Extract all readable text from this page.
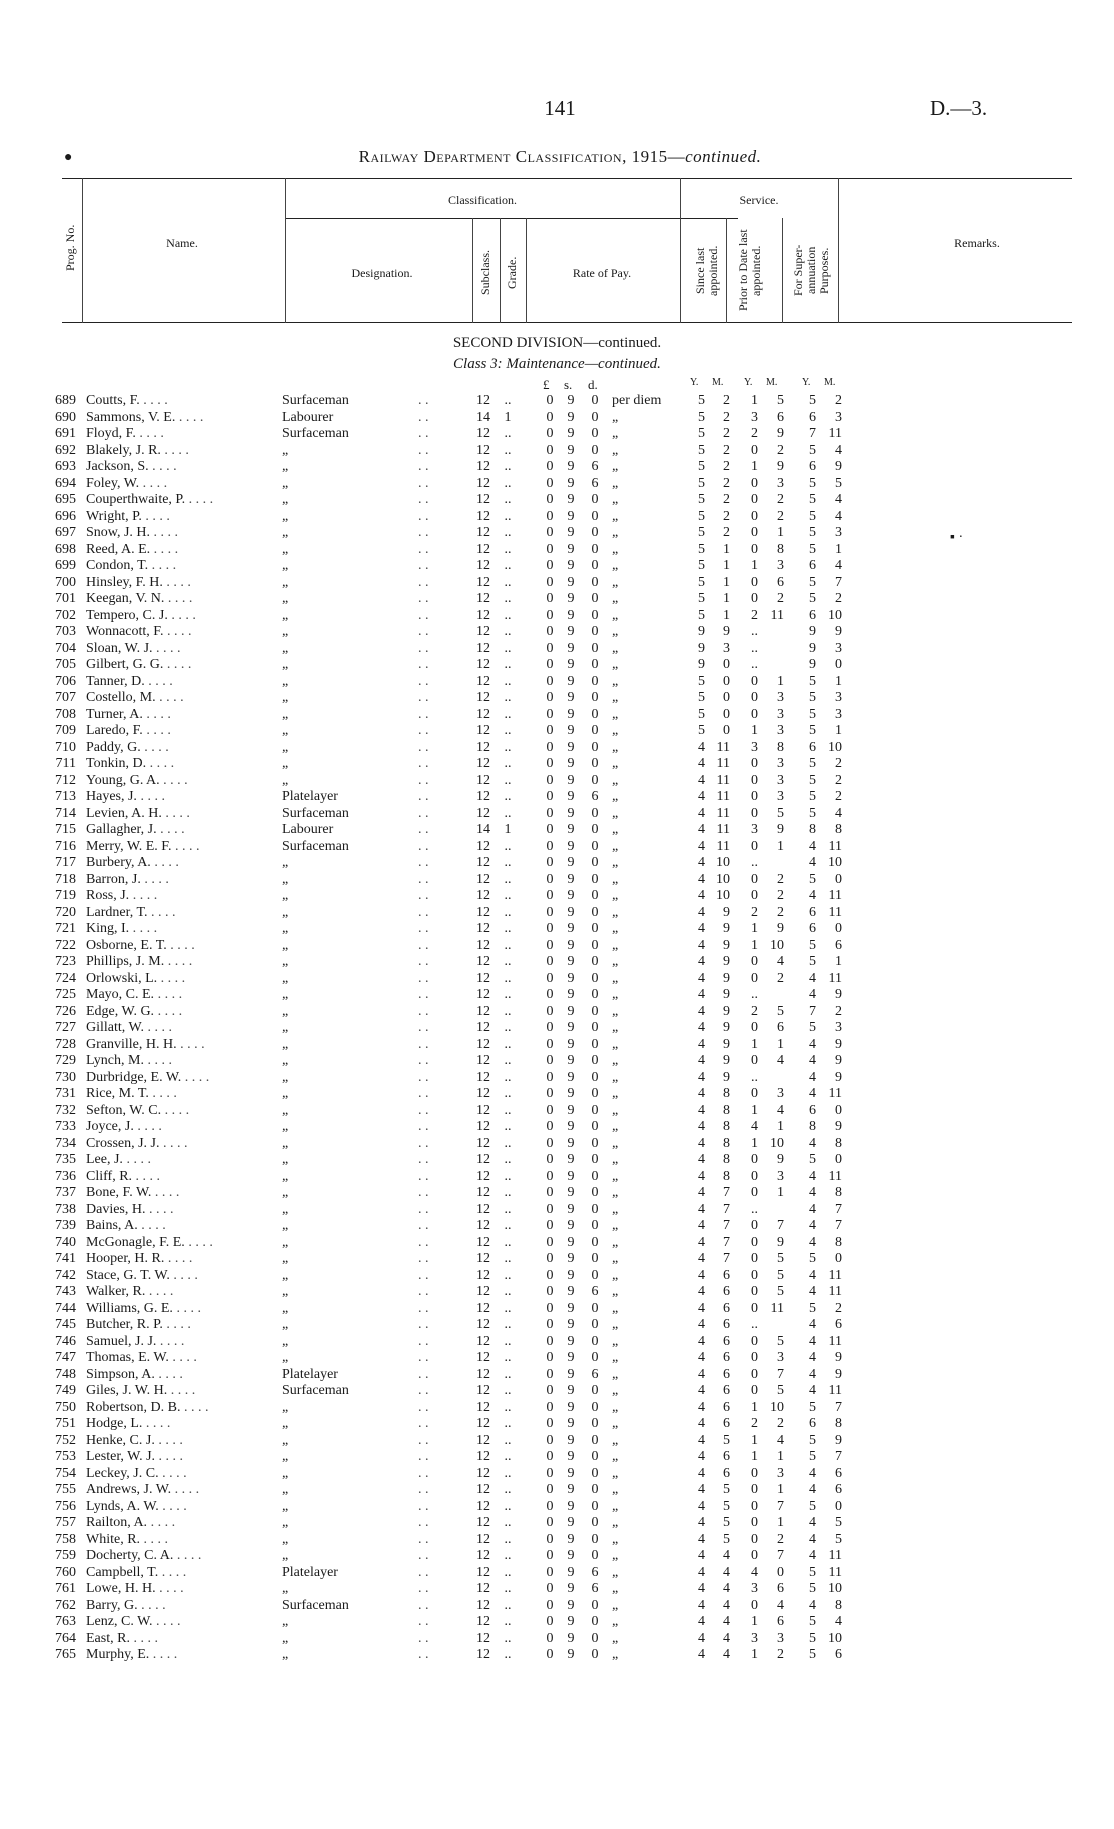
141	D.—3.
●	Railway Department Classification, 1915—continued.
▪ ·
Prog. No.	Name.
Classification.
Designation.	Subclass. Grade.	Rate of Pay.
Service.
Since last appointed. Prior to Date last appointed.	For Super-annuation Purposes.
Remarks.
SECOND DIVISION—continued.
Class 3: Maintenance—continued.
£ s. d.	Y. M. Y. M. Y. M.
689 Coutts, F. . .	Surfaceman	. .	12	..	0 9 0 per diem	5	2	1	5	5	2
690 Sammons, V. E. . .	Labourer	. .	14	1	0 9 0 „	5	2	3	6	6	3
691 Floyd, F. . .	Surfaceman	. .	12	..	0 9 0 „	5	2	2	9	7 11
692 Blakely, J. R. . .	„	. .	12	..	0 9 0 „	5	2	0	2	5	4
693 Jackson, S. . .	„	. .	12	..	0 9 6 „	5	2	1	9	6	9
694 Foley, W. . .	„	. .	12	..	0 9 6 „	5	2	0	3	5	5
695 Couperthwaite, P. . .	„	. .	12	..	0 9 0 „	5	2	0	2	5	4
696 Wright, P. . .	„	. .	12	..	0 9 0 „	5	2	0	2	5	4
697 Snow, J. H. . .	„	. .	12	..	0 9 0 „	5	2	0	1	5	3
698 Reed, A. E. . .	„	. .	12	..	0 9 0 „	5	1	0	8	5	1
699 Condon, T. . .	„	. .	12	..	0 9 0 „	5	1	1	3	6	4
700 Hinsley, F. H. . .	„	. .	12	..	0 9 0 „	5	1	0	6	5	7
701 Keegan, V. N. . .	„	. .	12	..	0 9 0 „	5	1	0	2	5	2
702 Tempero, C. J. . .	„	. .	12	..	0 9 0 „	5	1	2 11	6 10
703 Wonnacott, F. . .	„	. .	12	..	0 9 0 „	9	9	..	9	9
704 Sloan, W. J. . .	„	. .	12	..	0 9 0 „	9	3	..	9	3
705 Gilbert, G. G. . .	„	. .	12	..	0 9 0 „	9	0	..	9	0
706 Tanner, D. . .	„	. .	12	..	0 9 0 „	5	0	0	1	5	1
707 Costello, M. . .	„	. .	12	..	0 9 0 „	5	0	0	3	5	3
708 Turner, A. . .	„	. .	12	..	0 9 0 „	5	0	0	3	5	3
709 Laredo, F. . .	„	. .	12	..	0 9 0 „	5	0	1	3	5	1
710 Paddy, G. . .	„	. .	12	..	0 9 0 „	4 11	3	8	6 10
711 Tonkin, D. . .	„	. .	12	..	0 9 0 „	4 11	0	3	5	2
712 Young, G. A. . .	„	. .	12	..	0 9 0 „	4 11	0	3	5	2
713 Hayes, J. . .	Platelayer	. .	12	..	0 9 6 „	4 11	0	3	5	2
714 Levien, A. H. . .	Surfaceman	. .	12	..	0 9 0 „	4 11	0	5	5	4
715 Gallagher, J. . .	Labourer	. .	14	1	0 9 0 „	4 11	3	9	8	8
716 Merry, W. E. F. . .	Surfaceman	. .	12	..	0 9 0 „	4 11	0	1	4 11
717 Burbery, A. . .	„	. .	12	..	0 9 0 „	4 10	..	4 10
718 Barron, J. . .	„	. .	12	..	0 9 0 „	4 10	0	2	5	0
719 Ross, J. . .	„	. .	12	..	0 9 0 „	4 10	0	2	4 11
720 Lardner, T. . .	„	. .	12	..	0 9 0 „	4	9	2	2	6 11
721 King, I. . .	„	. .	12	..	0 9 0 „	4	9	1	9	6	0
722 Osborne, E. T. . .	„	. .	12	..	0 9 0 „	4	9	1 10	5	6
723 Phillips, J. M. . .	„	. .	12	..	0 9 0 „	4	9	0	4	5	1
724 Orlowski, L. . .	„	. .	12	..	0 9 0 „	4	9	0	2	4 11
725 Mayo, C. E. . .	„	. .	12	..	0 9 0 „	4	9	..	4	9
726 Edge, W. G. . .	„	. .	12	..	0 9 0 „	4	9	2	5	7	2
727 Gillatt, W. . .	„	. .	12	..	0 9 0 „	4	9	0	6	5	3
728 Granville, H. H. . .	„	. .	12	..	0 9 0 „	4	9	1	1	4	9
729 Lynch, M. . .	„	. .	12	..	0 9 0 „	4	9	0	4	4	9
730 Durbridge, E. W. . .	„	. .	12	..	0 9 0 „	4	9	..	4	9
731 Rice, M. T. . .	„	. .	12	..	0 9 0 „	4	8	0	3	4 11
732 Sefton, W. C. . .	„	. .	12	..	0 9 0 „	4	8	1	4	6	0
733 Joyce, J. . .	„	. .	12	..	0 9 0 „	4	8	4	1	8	9
734 Crossen, J. J. . .	„	. .	12	..	0 9 0 „	4	8	1 10	4	8
735 Lee, J. . .	„	. .	12	..	0 9 0 „	4	8	0	9	5	0
736 Cliff, R. . .	„	. .	12	..	0 9 0 „	4	8	0	3	4 11
737 Bone, F. W. . .	„	. .	12	..	0 9 0 „	4	7	0	1	4	8
738 Davies, H. . .	„	. .	12	..	0 9 0 „	4	7	..	4	7
739 Bains, A. . .	„	. .	12	..	0 9 0 „	4	7	0	7	4	7
740 McGonagle, F. E. . .	„	. .	12	..	0 9 0 „	4	7	0	9	4	8
741 Hooper, H. R. . .	„	. .	12	..	0 9 0 „	4	7	0	5	5	0
742 Stace, G. T. W. . .	„	. .	12	..	0 9 0 „	4	6	0	5	4 11
743 Walker, R. . .	„	. .	12	..	0 9 6 „	4	6	0	5	4 11
744 Williams, G. E. . .	„	. .	12	..	0 9 0 „	4	6	0 11	5	2
745 Butcher, R. P. . .	„	. .	12	..	0 9 0 „	4	6	..	4	6
746 Samuel, J. J. . .	„	. .	12	..	0 9 0 „	4	6	0	5	4 11
747 Thomas, E. W. . .	„	. .	12	..	0 9 0 „	4	6	0	3	4	9
748 Simpson, A. . .	Platelayer	. .	12	..	0 9 6 „	4	6	0	7	4	9
749 Giles, J. W. H. . .	Surfaceman	. .	12	..	0 9 0 „	4	6	0	5	4 11
750 Robertson, D. B. . .	„	. .	12	..	0 9 0 „	4	6	1 10	5	7
751 Hodge, L. . .	„	. .	12	..	0 9 0 „	4	6	2	2	6	8
752 Henke, C. J. . .	„	. .	12	..	0 9 0 „	4	5	1	4	5	9
753 Lester, W. J. . .	„	. .	12	..	0 9 0 „	4	6	1	1	5	7
754 Leckey, J. C. . .	„	. .	12	..	0 9 0 „	4	6	0	3	4	6
755 Andrews, J. W. . .	„	. .	12	..	0 9 0 „	4	5	0	1	4	6
756 Lynds, A. W. . .	„	. .	12	..	0 9 0 „	4	5	0	7	5	0
757 Railton, A. . .	„	. .	12	..	0 9 0 „	4	5	0	1	4	5
758 White, R. . .	„	. .	12	..	0 9 0 „	4	5	0	2	4	5
759 Docherty, C. A. . .	„	. .	12	..	0 9 0 „	4	4	0	7	4 11
760 Campbell, T. . .	Platelayer	. .	12	..	0 9 6 „	4	4	4	0	5 11
761 Lowe, H. H. . .	„	. .	12	..	0 9 6 „	4	4	3	6	5 10
762 Barry, G. . .	Surfaceman	. .	12	..	0 9 0 „	4	4	0	4	4	8
763 Lenz, C. W. . .	„	. .	12	..	0 9 0 „	4	4	1	6	5	4
764 East, R. . .	„	. .	12	..	0 9 0 „	4	4	3	3	5 10
765 Murphy, E. . .	„	. .	12	..	0 9 0 „	4	4	1	2	5	6
